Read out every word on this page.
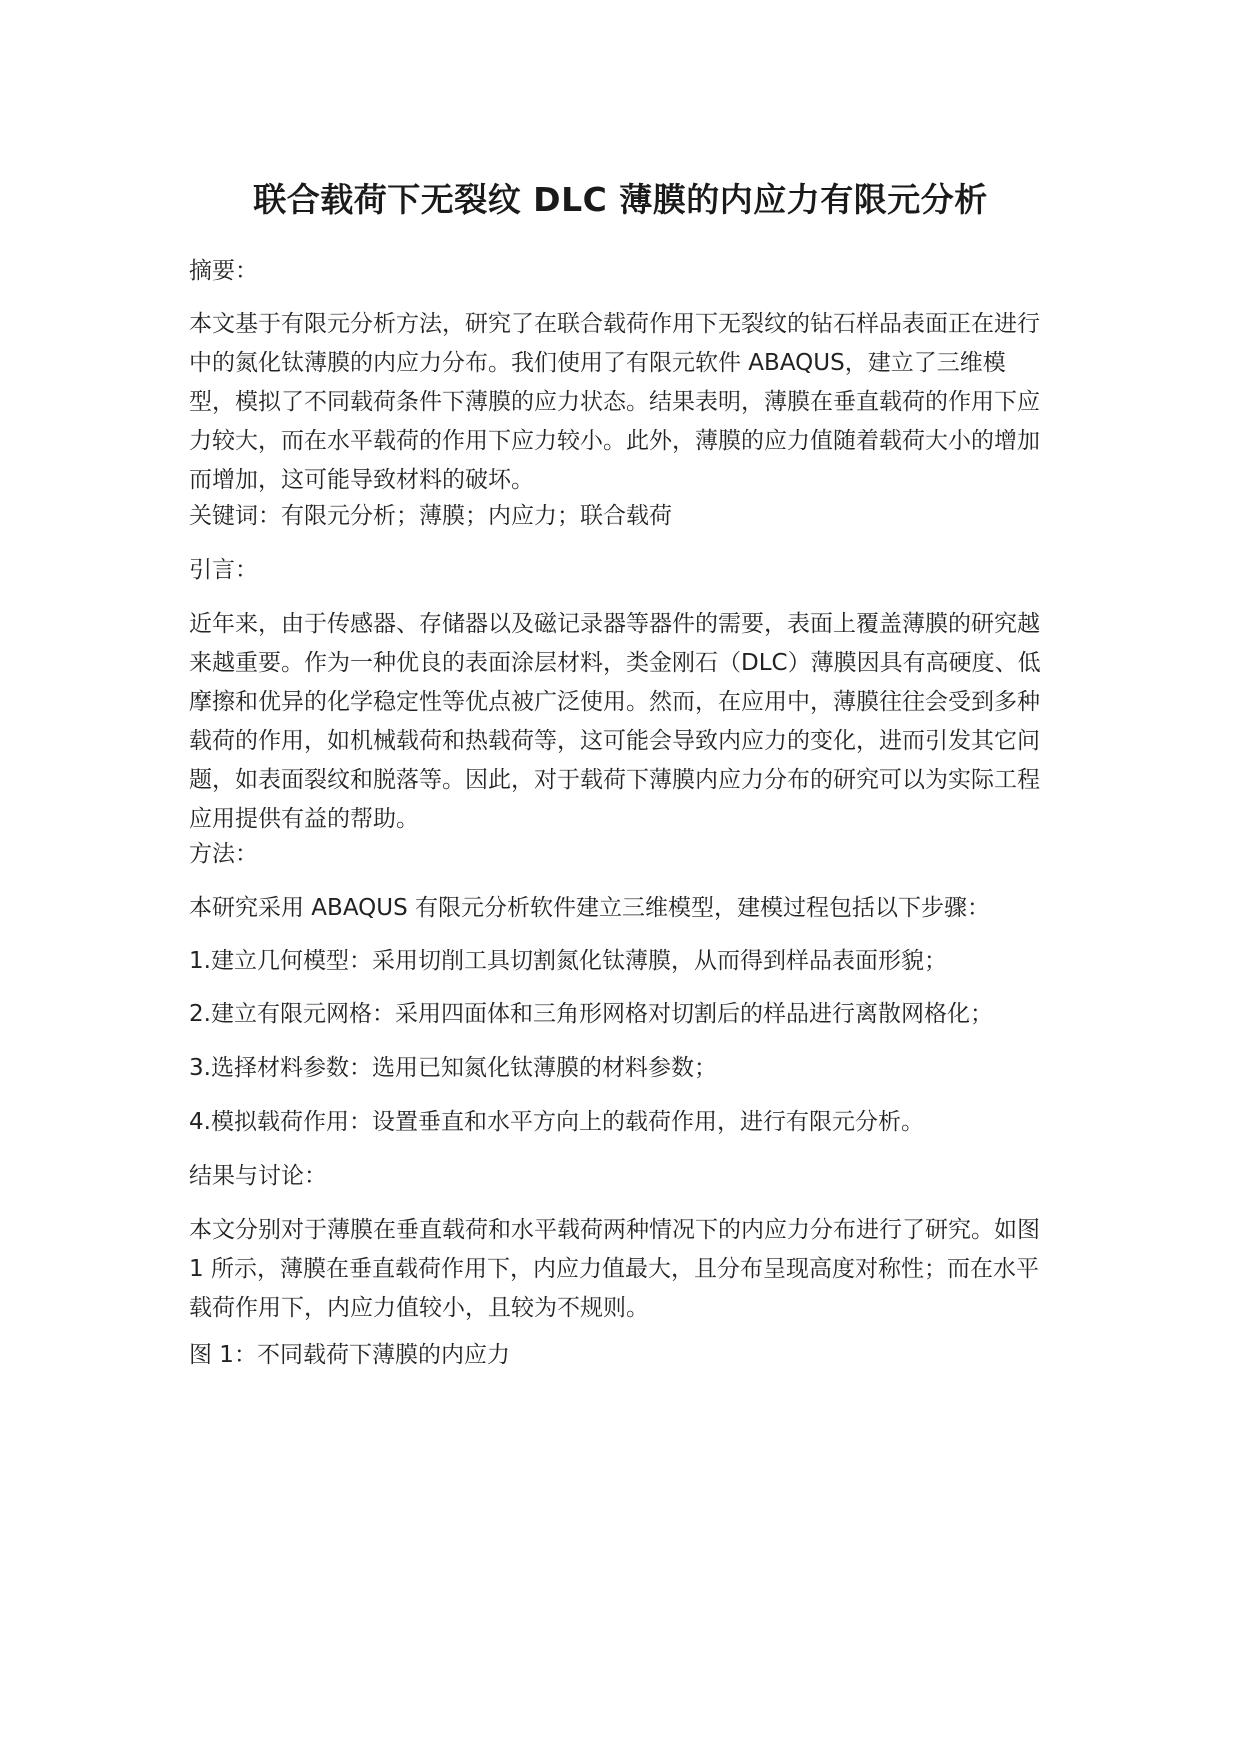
联合载荷下无裂纹 DLC 薄膜的内应力有限元分析

摘要：

本文基于有限元分析方法，研究了在联合载荷作用下无裂纹的钻石样品表面正在进行中的氮化钛薄膜的内应力分布。我们使用了有限元软件 ABAQUS，建立了三维模型，模拟了不同载荷条件下薄膜的应力状态。结果表明，薄膜在垂直载荷的作用下应力较大，而在水平载荷的作用下应力较小。此外，薄膜的应力值随着载荷大小的增加而增加，这可能导致材料的破坏。

关键词：有限元分析；薄膜；内应力；联合载荷

引言：

近年来，由于传感器、存储器以及磁记录器等器件的需要，表面上覆盖薄膜的研究越来越重要。作为一种优良的表面涂层材料，类金刚石（DLC）薄膜因具有高硬度、低摩擦和优异的化学稳定性等优点被广泛使用。然而，在应用中，薄膜往往会受到多种载荷的作用，如机械载荷和热载荷等，这可能会导致内应力的变化，进而引发其它问题，如表面裂纹和脱落等。因此，对于载荷下薄膜内应力分布的研究可以为实际工程应用提供有益的帮助。

方法：

本研究采用 ABAQUS 有限元分析软件建立三维模型，建模过程包括以下步骤：

1.建立几何模型：采用切削工具切割氮化钛薄膜，从而得到样品表面形貌；

2.建立有限元网格：采用四面体和三角形网格对切割后的样品进行离散网格化；

3.选择材料参数：选用已知氮化钛薄膜的材料参数；

4.模拟载荷作用：设置垂直和水平方向上的载荷作用，进行有限元分析。

结果与讨论：

本文分别对于薄膜在垂直载荷和水平载荷两种情况下的内应力分布进行了研究。如图 1 所示，薄膜在垂直载荷作用下，内应力值最大，且分布呈现高度对称性；而在水平载荷作用下，内应力值较小，且较为不规则。

图 1：不同载荷下薄膜的内应力
